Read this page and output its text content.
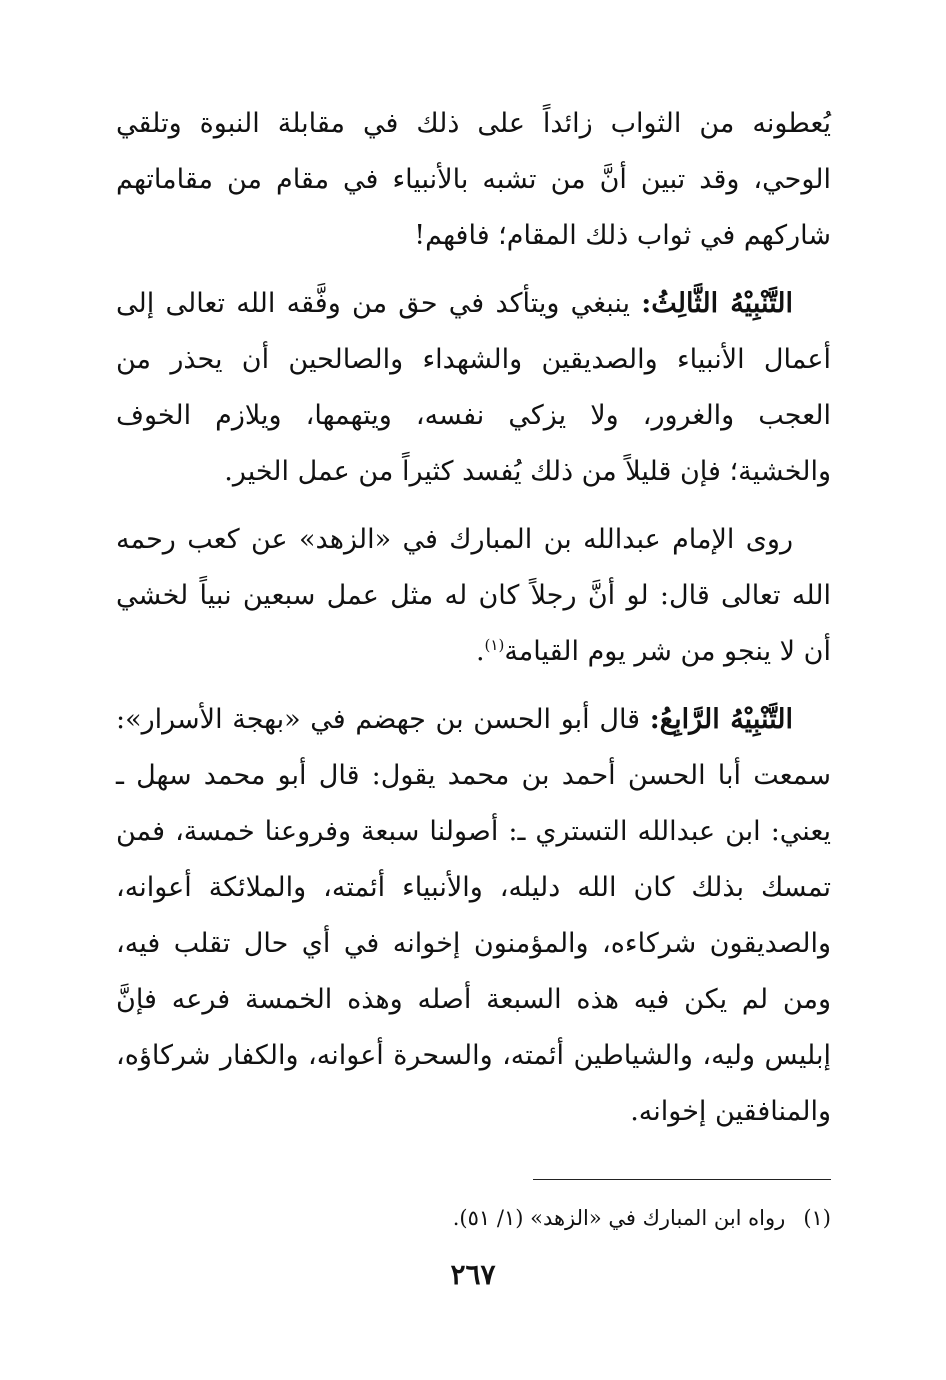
يُعطونه من الثواب زائداً على ذلك في مقابلة النبوة وتلقي الوحي، وقد تبين أنَّ من تشبه بالأنبياء في مقام من مقاماتهم شاركهم في ثواب ذلك المقام؛ فافهم!

التَّنْبِيْهُ الثَّالِثُ: ينبغي ويتأكد في حق من وفَّقه الله تعالى إلى أعمال الأنبياء والصديقين والشهداء والصالحين أن يحذر من العجب والغرور، ولا يزكي نفسه، ويتهمها، ويلازم الخوف والخشية؛ فإن قليلاً من ذلك يُفسد كثيراً من عمل الخير.

روى الإمام عبدالله بن المبارك في «الزهد» عن كعب رحمه الله تعالى قال: لو أنَّ رجلاً كان له مثل عمل سبعين نبياً لخشي أن لا ينجو من شر يوم القيامة$^{(١)}$.

التَّنْبِيْهُ الرَّابِعُ: قال أبو الحسن بن جهضم في «بهجة الأسرار»: سمعت أبا الحسن أحمد بن محمد يقول: قال أبو محمد سهل ـ يعني: ابن عبدالله التستري ـ: أصولنا سبعة وفروعنا خمسة، فمن تمسك بذلك كان الله دليله، والأنبياء أئمته، والملائكة أعوانه، والصديقون شركاءه، والمؤمنون إخوانه في أي حال تقلب فيه، ومن لم يكن فيه هذه السبعة أصله وهذه الخمسة فرعه فإنَّ إبليس وليه، والشياطين أئمته، والسحرة أعوانه، والكفار شركاؤه، والمنافقين إخوانه.

(١)رواه ابن المبارك في «الزهد» (١/ ٥١).
٢٦٧
